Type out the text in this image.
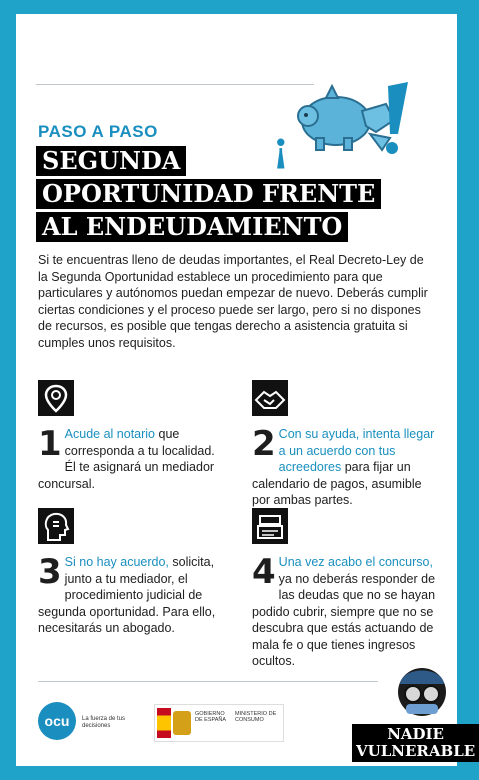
¡
PASO A PASO
SEGUNDA
OPORTUNIDAD FRENTE
AL ENDEUDAMIENTO
Si te encuentras lleno de deudas importantes, el Real Decreto-Ley de la Segunda Oportunidad establece un procedimiento para que particulares y autónomos puedan empezar de nuevo. Deberás cumplir ciertas condiciones y el proceso puede ser largo, pero si no dispones de recursos, es posible que tengas derecho a asistencia gratuita si cumples unos requisitos.
1 Acude al notario que corresponda a tu localidad. Él te asignará un mediador concursal.
2 Con su ayuda, intenta llegar a un acuerdo con tus acreedores para fijar un calendario de pagos, asumible por ambas partes.
3 Si no hay acuerdo, solicita, junto a tu mediador, el procedimiento judicial de segunda oportunidad. Para ello, necesitarás un abogado.
4 Una vez acabo el concurso, ya no deberás responder de las deudas que no se hayan podido cubrir, siempre que no se descubra que estás actuando de mala fe o que tienes ingresos ocultos.
ocu	La fuerza de tus decisiones
GOBIERNO DE ESPAÑA
MINISTERIO DE CONSUMO
NADIE
VULNERABLE
